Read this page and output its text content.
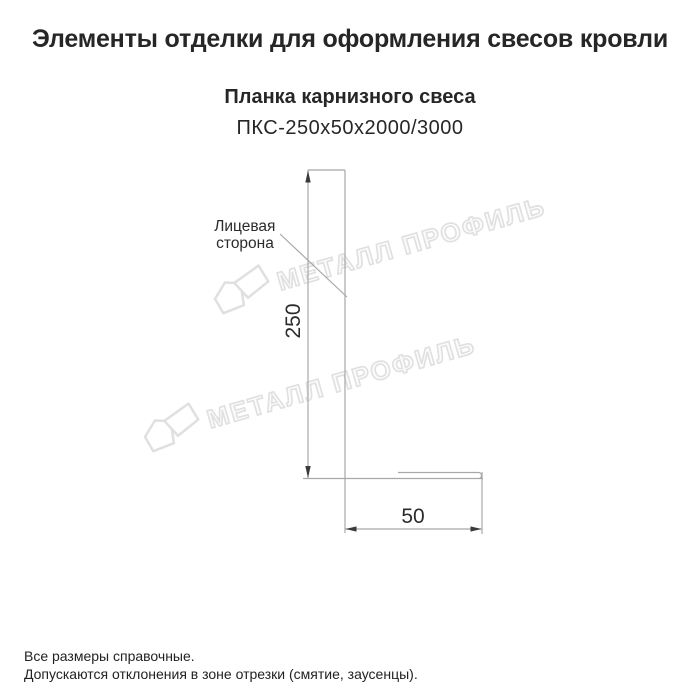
Элементы отделки для оформления свесов кровли
Планка карнизного свеса
ПКС-250х50х2000/3000
МЕТАЛЛ ПРОФИЛЬ
МЕТАЛЛ ПРОФИЛЬ
250
50
Лицевая сторона
Все размеры справочные.
Допускаются отклонения в зоне отрезки (смятие, заусенцы).
